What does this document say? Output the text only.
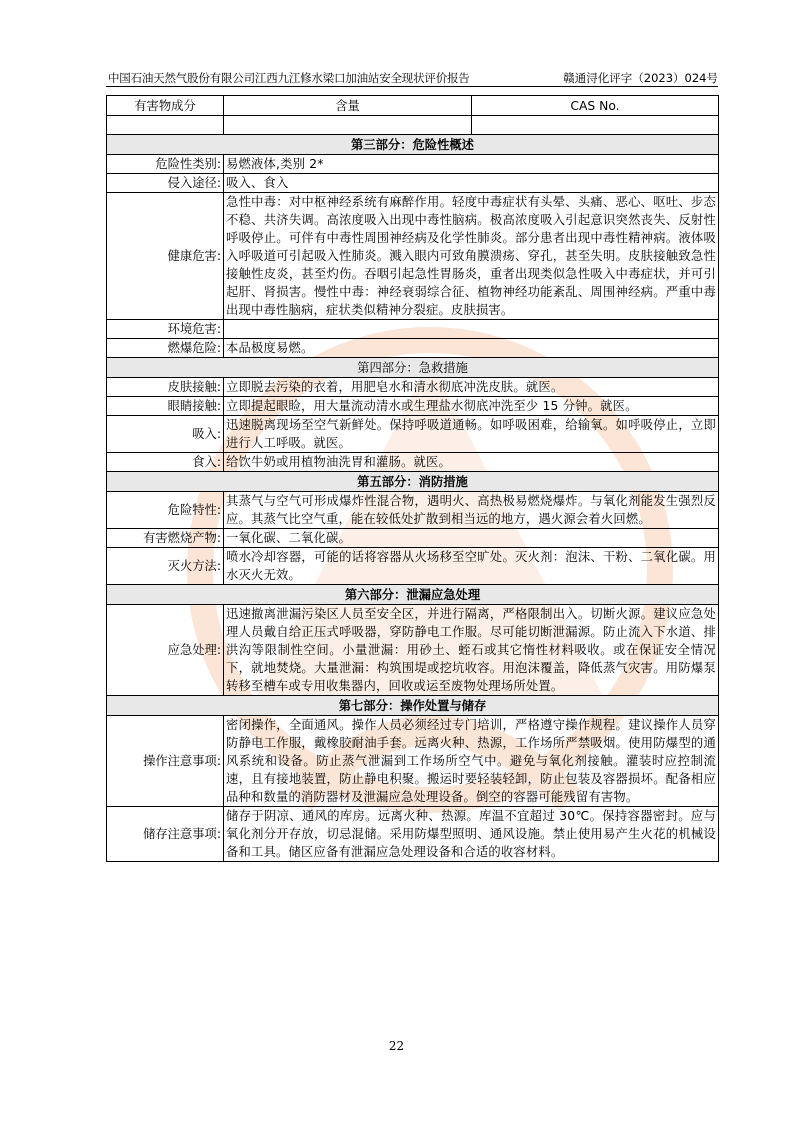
中国石油天然气股份有限公司江西九江修水梁口加油站安全现状评价报告	赣通浔化评字（2023）024号
有害物成分	含量	CAS No.

第三部分：危险性概述		
危险性类别:	易燃液体,类别 2*	
侵入途径:	吸入、食入	
健康危害:	急性中毒：对中枢神经系统有麻醉作用。轻度中毒症状有头晕、头痛、恶心、呕吐、步态不稳、共济失调。高浓度吸入出现中毒性脑病。极高浓度吸入引起意识突然丧失、反射性呼吸停止。可伴有中毒性周围神经病及化学性肺炎。部分患者出现中毒性精神病。液体吸入呼吸道可引起吸入性肺炎。溅入眼内可致角膜溃疡、穿孔，甚至失明。皮肤接触致急性接触性皮炎，甚至灼伤。吞咽引起急性胃肠炎，重者出现类似急性吸入中毒症状，并可引起肝、肾损害。慢性中毒：神经衰弱综合征、植物神经功能紊乱、周围神经病。严重中毒出现中毒性脑病，症状类似精神分裂症。皮肤损害。	
环境危害:		
燃爆危险:	本品极度易燃。	
第四部分：急救措施		
皮肤接触:	立即脱去污染的衣着，用肥皂水和清水彻底冲洗皮肤。就医。	
眼睛接触:	立即提起眼睑，用大量流动清水或生理盐水彻底冲洗至少 15 分钟。就医。	
吸入:	迅速脱离现场至空气新鲜处。保持呼吸道通畅。如呼吸困难，给输氧。如呼吸停止，立即进行人工呼吸。就医。	
食入:	给饮牛奶或用植物油洗胃和灌肠。就医。	
第五部分：消防措施		
危险特性:	其蒸气与空气可形成爆炸性混合物，遇明火、高热极易燃烧爆炸。与氧化剂能发生强烈反应。其蒸气比空气重，能在较低处扩散到相当远的地方，遇火源会着火回燃。	
有害燃烧产物:	一氧化碳、二氧化碳。	
灭火方法:	喷水冷却容器，可能的话将容器从火场移至空旷处。灭火剂：泡沫、干粉、二氧化碳。用水灭火无效。	
第六部分：泄漏应急处理		
应急处理:	迅速撤离泄漏污染区人员至安全区，并进行隔离，严格限制出入。切断火源。建议应急处理人员戴自给正压式呼吸器，穿防静电工作服。尽可能切断泄漏源。防止流入下水道、排洪沟等限制性空间。小量泄漏：用砂土、蛭石或其它惰性材料吸收。或在保证安全情况下，就地焚烧。大量泄漏：构筑围堤或挖坑收容。用泡沫覆盖，降低蒸气灾害。用防爆泵转移至槽车或专用收集器内，回收或运至废物处理场所处置。	
第七部分：操作处置与储存		
操作注意事项:	密闭操作，全面通风。操作人员必须经过专门培训，严格遵守操作规程。建议操作人员穿防静电工作服，戴橡胶耐油手套。远离火种、热源，工作场所严禁吸烟。使用防爆型的通风系统和设备。防止蒸气泄漏到工作场所空气中。避免与氧化剂接触。灌装时应控制流速，且有接地装置，防止静电积聚。搬运时要轻装轻卸，防止包装及容器损坏。配备相应品种和数量的消防器材及泄漏应急处理设备。倒空的容器可能残留有害物。	
储存注意事项:	储存于阴凉、通风的库房。远离火种、热源。库温不宜超过 30℃。保持容器密封。应与氧化剂分开存放，切忌混储。采用防爆型照明、通风设施。禁止使用易产生火花的机械设备和工具。储区应备有泄漏应急处理设备和合适的收容材料。	
22
